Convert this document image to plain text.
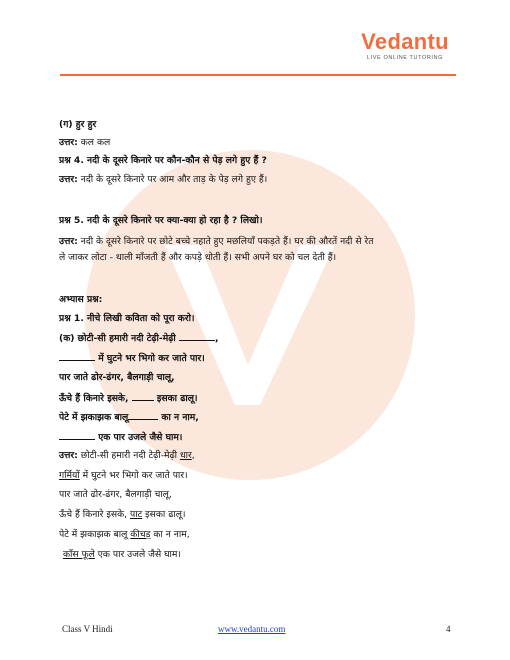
Vedantu
LIVE ONLINE TUTORING
(ग) हुर हुर
उत्तर: कल कल
प्रश्न 4. नदी के दूसरे किनारे पर कौन-कौन से पेड़ लगे हुए हैं ?
उत्तर: नदी के दूसरे किनारे पर आम और ताड़ के पेड़ लगे हुए हैं।
प्रश्न 5. नदी के दूसरे किनारे पर क्या-क्या हो रहा है ? लिखो।
उत्तर: नदी के दूसरे किनारे पर छोटे बच्चे नहाते हुए मछलियाँ पकड़ते हैं। घर की औरतें नदी से रेत
ले जाकर लोटा - थाली माँजती हैं और कपड़े धोती हैं। सभी अपने घर को चल देती हैं।
अभ्यास प्रश्न:
प्रश्न 1. नीचे लिखी कविता को पूरा करो।
(क) छोटी-सी हमारी नदी टेढ़ी-मेढ़ी	,
में घुटने भर भिगो कर जाते पार।
पार जाते ढोर-ढंगर, बैलगाड़ी चालू,
ऊँचे हैं किनारे इसके,	इसका ढालू।
पेटे में झकाझक बालू	का न नाम,
एक पार उजले जैसे घाम।
उत्तर: छोटी-सी हमारी नदी टेढ़ी-मेढ़ी धार,
गर्मियों में घुटने भर भिगो कर जाते पार।
पार जाते ढोर-ढंगर, बैलगाड़ी चालू,
ऊँचे हैं किनारे इसके, पाट इसका ढालू।
पेटे में झकाझक बालू कीचड़ का न नाम,
काँस फूले एक पार उजले जैसे घाम।
Class V Hindi	www.vedantu.com	4
